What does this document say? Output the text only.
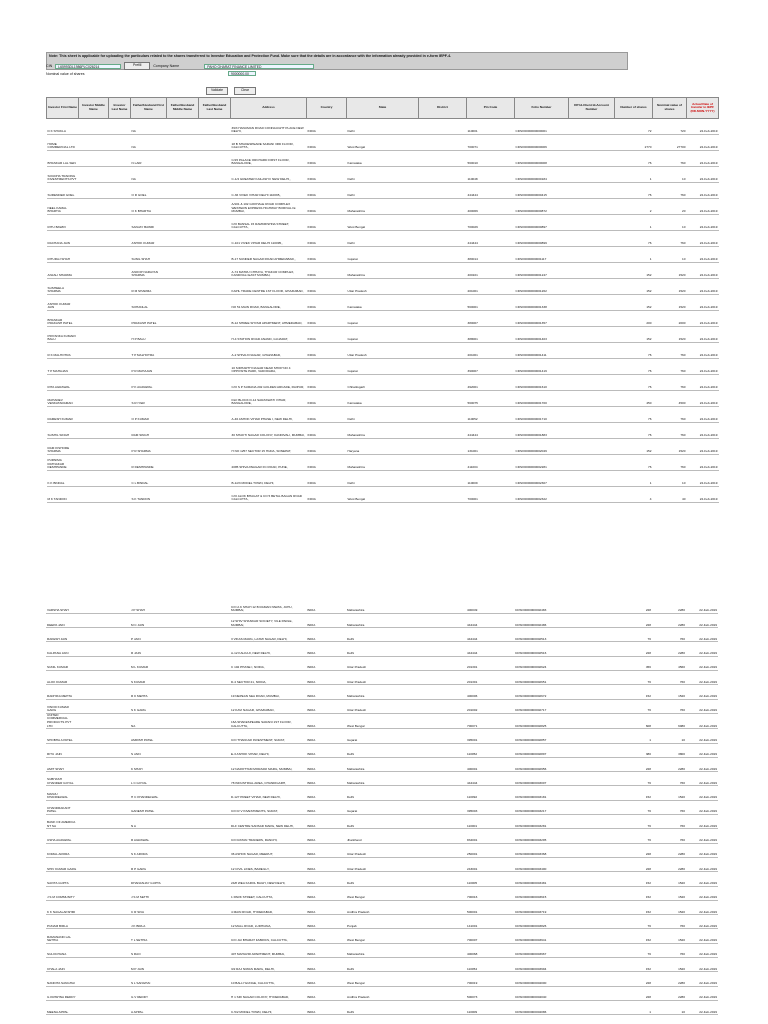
Note: This sheet is applicable for uploading the particulars related to the shares transferred to Investor Education and Protection Fund. Make sure that the details are in accordance with the information already provided in e-form IEPF-4.
CIN	L65993DL1986PLC026214	Prefill	Company Name	PAHO GHARAT FINANCE LIMITED
Nominal value of shares	9000000.00
Validate	Clear
Investor First Name	Investor Middle Name	Investor Last Name	Father/Husband First Name	Father/Husband Middle Name	Father/Husband Last Name	Address	Country	State	District	Pin Code	Folio Number	DP Id-Client Id-Account Number	Number of shares	Nominal value of shares	Actual Date of transfer to IEPF (DD-MON-YYYY)
D K SHUKLA			NA			39/3 HANUMAN ROAD CONNAUGHT PLACE NEW DELHI,	INDIA	Delhi		110001	CDSO0000000000001		72	720	22-Feb-2019
HOME COMMERCIAL LTD			NA			18 B SHAKESPEARE SARANI 3RD FLOOR, CALCUTTA,	INDIA	West Bengal		700071	CDSO0000000000006		2770	27700	22-Feb-2019
BHASKAR LAL SEN			N LAIR			C/15 PALACE ORCHARD FIRST FLOOR, BANGALORE,	INDIA	Karnataka		560010	CDSO0000000000008		76	760	22-Feb-2019
SOUDHA TRADING INVESTMENTS PVT			NA			C-1/4 GREATER KAILASH II NEW DELHI,,	INDIA	Delhi		110048	CDSO0000000000184		1	10	22-Feb-2019
SURENDER GOEL			O R GOEL			C-36 VIVEK VIHAR DELHI 110095,,	INDIA	Delhi		444444	CDSO0000000000415		76	760	22-Feb-2019
NEEL KAMAL BHARTIA			O K BHARTIA			A/101 & 102 GOKHALE ROAD COMPLEX WESTERN EXPRESS HIGHWAY BORIVALI E MUMBAI,	INDIA	Maharashtra		400066	CDSO0000000000872		2	20	22-Feb-2019
RITU BAWRI			SANJAY BAWRI			C/O BANSAL 15 RAMKRISHNA STREET, CALCUTTA,	INDIA	West Bengal		700026	CDSO0000000000897		1	10	22-Feb-2019
RACHANA JAIN			ASHOK KUMAR			C-101 VIVEK VIHAR DELHI 110095,,	INDIA	Delhi		444444	CDSO0000000000899		76	760	22-Feb-2019
RITURAJ SHAH			SUNIL SHAH			B-17 SUNDER NAGAR ROAD AHMEDABAD,,	INDIA	Gujarat		380014	CDSO0000000001117		1	10	22-Feb-2019
ANJALI SHARMA			ANOOP NARAYAN SHARMA			A-74 MATRU CHHAYA, THAKUR COMPLEX, KANDIVALI EAST MUMBAI,	INDIA	Maharashtra		400101	CDSO0000000001247		152	1520	22-Feb-2019
SUSHEELA SHARMA			R M SHARMA			KAPIL TRADE CENTRE 1ST FLOOR, GHAZIABAD,	INDIA	Uttar Pradesh		201001	CDSO0000000001262		152	1520	22-Feb-2019
ASHOK KUMAR JAIN			SOHANLAL			NO 51 MAIN ROAD, BANGALORE,	INDIA	Karnataka		560001	CDSO0000000001338		152	1520	22-Feb-2019
BHASKAR PRAKASH PATEL			PRAKASH PATEL			B-12 SHREE SHYAM APARTMENT, AHMEDABAD,	INDIA	Gujarat		380007	CDSO0000000001357		200	2000	22-Feb-2019
PRIYANKA KUMARI BALU			H P BALU			H-4 STATION ROAD ANAND, GUJARAT,	INDIA	Gujarat		388001	CDSO0000000001403		152	1520	22-Feb-2019
R K MALHOTRA			T P MALHOTRA			A-2 SHIVAJI NAGAR, GHAZIABAD,	INDIA	Uttar Pradesh		201001	CDSO0000000001411		76	760	22-Feb-2019
T P MAHAJAN			P R MAHAJAN			10 SIDHARTH NAGAR NEAR SHOP NO 4 OPPOSITE PARK, VADODARA,	INDIA	Gujarat		390007	CDSO0000000001419		76	760	22-Feb-2019
RITA AGRAWAL			P K AGRAWAL			C/O S P SURANA 202 GOLDEN ARCADE, RAIPUR,	INDIA	Chhattisgarh		492001	CDSO0000000001610		76	760	22-Feb-2019
MAHADEV VENKATARAMAN			S R IYER			DLF BLOCK D-14 SARASWATI VIHAR, BANGALORE,	INDIA	Karnataka		560075	CDSO0000000001700		450	4500	22-Feb-2019
RAMESH KUMAR			O P KUMAR			A-46 ASHOK VIHAR PHASE I, NEW DELHI,	INDIA	Delhi		110052	CDSO0000000001710		76	760	22-Feb-2019
SUSHIL SINGH			RAM SINGH			30 SHAKTI NAGAR COLONY, KANDIVALI, MUMBAI,	INDIA	Maharashtra		444444	CDSO0000000001883		76	760	22-Feb-2019
RAM KISHORE SHARMA			P R SHARMA			H NO 1257 SECTOR 15 HUDA, SONEPAT,	INDIA	Haryana		131001	CDSO0000000002049		152	1520	22-Feb-2019
PURNIMA RATNAKAR DESHPANDE			R DESHPANDE			2085 SHIVAJINAGAR FC ROAD, PUNE,	INDIA	Maharashtra		411004	CDSO0000000002281		76	760	22-Feb-2019
K K BINDAL			C L BINDAL			B-1/23 MODEL TOWN, DELHI,	INDIA	Delhi		110009	CDSO0000000002307		1	10	22-Feb-2019
M K TANDON			S K TANDON			C/O ALOK BHAGAT & CO 5 BETAL BAGAN ROAD CALCUTTA,	INDIA	West Bengal		700001	CDSO0000000002322		4	40	22-Feb-2019
VARSHA SHAH			J P SHAH			C/O A K SHAH 12 B RAMAN NIWAS, JUHU, MUMBAI,	INDIA	Maharashtra		400049	CDSO0000000002483		228	2280	22-Feb-2019
DEEPA JAIN			M C JAIN			12 SHIV SHANKAR SOCIETY, VILE PARLE, MUMBAI,	INDIA	Maharashtra		444444	CDSO0000000002486		228	2280	22-Feb-2019
RAKESH JAIN			P JAIN			3 VIKAS MARG, LAXMI NAGAR, DELHI,	INDIA	Delhi		444444	CDSO0000000002513		76	760	22-Feb-2019
KALPANA JAIN			R JAIN			A-12 KALKAJI, NEW DELHI,	INDIA	Delhi		444444	CDSO0000000002516		228	2280	22-Feb-2019
SUNIL KUMAR			M L KUMAR			C 102 PHASE I, NOIDA,	INDIA	Uttar Pradesh		201301	CDSO0000000002624		456	4560	22-Feb-2019
ALOK KUMAR			S KUMAR			D-4 SECTOR 21, NOIDA,	INDIA	Uttar Pradesh		201301	CDSO0000000002651		76	760	22-Feb-2019
RADHIKA MEHTA			R K MEHTA			19 NEPEAN SEA ROAD, MUMBAI,	INDIA	Maharashtra		400006	CDSO0000000002672		152	1520	22-Feb-2019
VINOD KUMAR GARG			S K GARG			12 KAVI NAGAR, GHAZIABAD,	INDIA	Uttar Pradesh		201002	CDSO0000000002717		76	760	22-Feb-2019
UNITED COMMERCIAL PRODUCTS PVT LTD			NA			16A SHAKESPEARE SARANI 1ST FLOOR, CALCUTTA,	INDIA	West Bengal		700071	CDSO0000000002825		608	6080	22-Feb-2019
SHOBHA A PATEL			AMRISH PATEL			C/O THAKKAR INVESTMENT, SURAT,	INDIA	Gujarat		395001	CDSO0000000002857		1	10	22-Feb-2019
RITU JAIN			S JAIN			E-3 ASHOK VIHAR, DELHI,	INDIA	Delhi		110052	CDSO0000000002897		380	3800	22-Feb-2019
AMIT SHAH			K SHAH			12 NAROTTAM MORARJI MARG, MUMBAI,	INDIA	Maharashtra		400001	CDSO0000000002956		228	2280	22-Feb-2019
SUBHASH CHANDER GOYAL			L C GOYAL			78 INDUSTRIAL AREA, CHANDIGARH,	INDIA	Maharashtra		444444	CDSO0000000003007		76	760	22-Feb-2019
MANJU KHANDELWAL			H C KHANDELWAL			D-127 PREET VIHAR, NEW DELHI,	INDIA	Delhi		110092	CDSO0000000003181		152	1520	22-Feb-2019
CHANDRAKANT PATEL			GANESH PATEL			C/O R V INVESTMENTS, SURAT,	INDIA	Gujarat		395003	CDSO0000000003217		76	760	22-Feb-2019
BANK OF AMERICA NT SA			N A			DLF CENTRE SANSAD MARG, NEW DELHI,	INDIA	Delhi		110001	CDSO0000000003281		76	760	22-Feb-2019
USHA AGRAWAL			R AGRAWAL			C/O RATAN TRADERS, RANCHI,	INDIA	Jharkhand		834001	CDSO0000000003295		76	760	22-Feb-2019
KOMAL ARORA			S K ARORA			36 ASHOK NAGAR, MEERUT,	INDIA	Uttar Pradesh		250001	CDSO0000000003368		228	2280	22-Feb-2019
SHIV KUMAR GARG			R P GARG			12 CIVIL LINES, BAREILLY,	INDIA	Uttar Pradesh		243001	CDSO0000000003400		228	2280	22-Feb-2019
SAVITA GUPTA			DHANANJAY GUPTA			24/8 WEA KAROL BAGH, NEW DELHI,	INDIA	Delhi		110005	CDSO0000000003481		152	1520	22-Feb-2019
J S M COMMUNITY			J S M SETHI			1 PARK STREET, CALCUTTA,	INDIA	West Bengal		700016	CDSO0000000003615		152	1520	22-Feb-2019
K K NAGALAKSHMI			C R SIVA			4 MAIN ROAD, HYDERABAD,	INDIA	Andhra Pradesh		500001	CDSO0000000003719		152	1520	22-Feb-2019
PUNAM BIRLA			J K BIRLA			12 MALL ROAD, LUDHIANA,	INDIA	Punjab		141001	CDSO0000000003826		76	760	22-Feb-2019
RAMANAND LAL SETHIA			T L SETHIA			C/O JAI BHARAT FABRICS, CALCUTTA,	INDIA	West Bengal		700007	CDSO0000000003941		152	1520	22-Feb-2019
SULOCHANA			S RAO			407 MAHAVIR APARTMENT, MUMBAI,	INDIA	Maharashtra		400068	CDSO0000000003967		76	760	22-Feb-2019
CHALA JAIN			M P JAIN			3/2 RAJ NIWAS MARG, DELHI,	INDIA	Delhi		110054	CDSO0000000003994		152	1520	22-Feb-2019
NANDITA SANGHAI			S L SANGHAI			10 BALLYGUNGE, CALCUTTA,	INDIA	West Bengal		700019	CDSO0000000004000		228	2280	22-Feb-2019
G KRISHNA REDDY			G V REDDY			H 1 SRI NAGAR COLONY, HYDERABAD,	INDIA	Andhra Pradesh		500073	CDSO0000000004040		228	2280	22-Feb-2019
MEENA APPAL			A APPAL			C-5/2 MODEL TOWN, DELHI,	INDIA	Delhi		110009	CDSO0000000004086		1	10	22-Feb-2019
